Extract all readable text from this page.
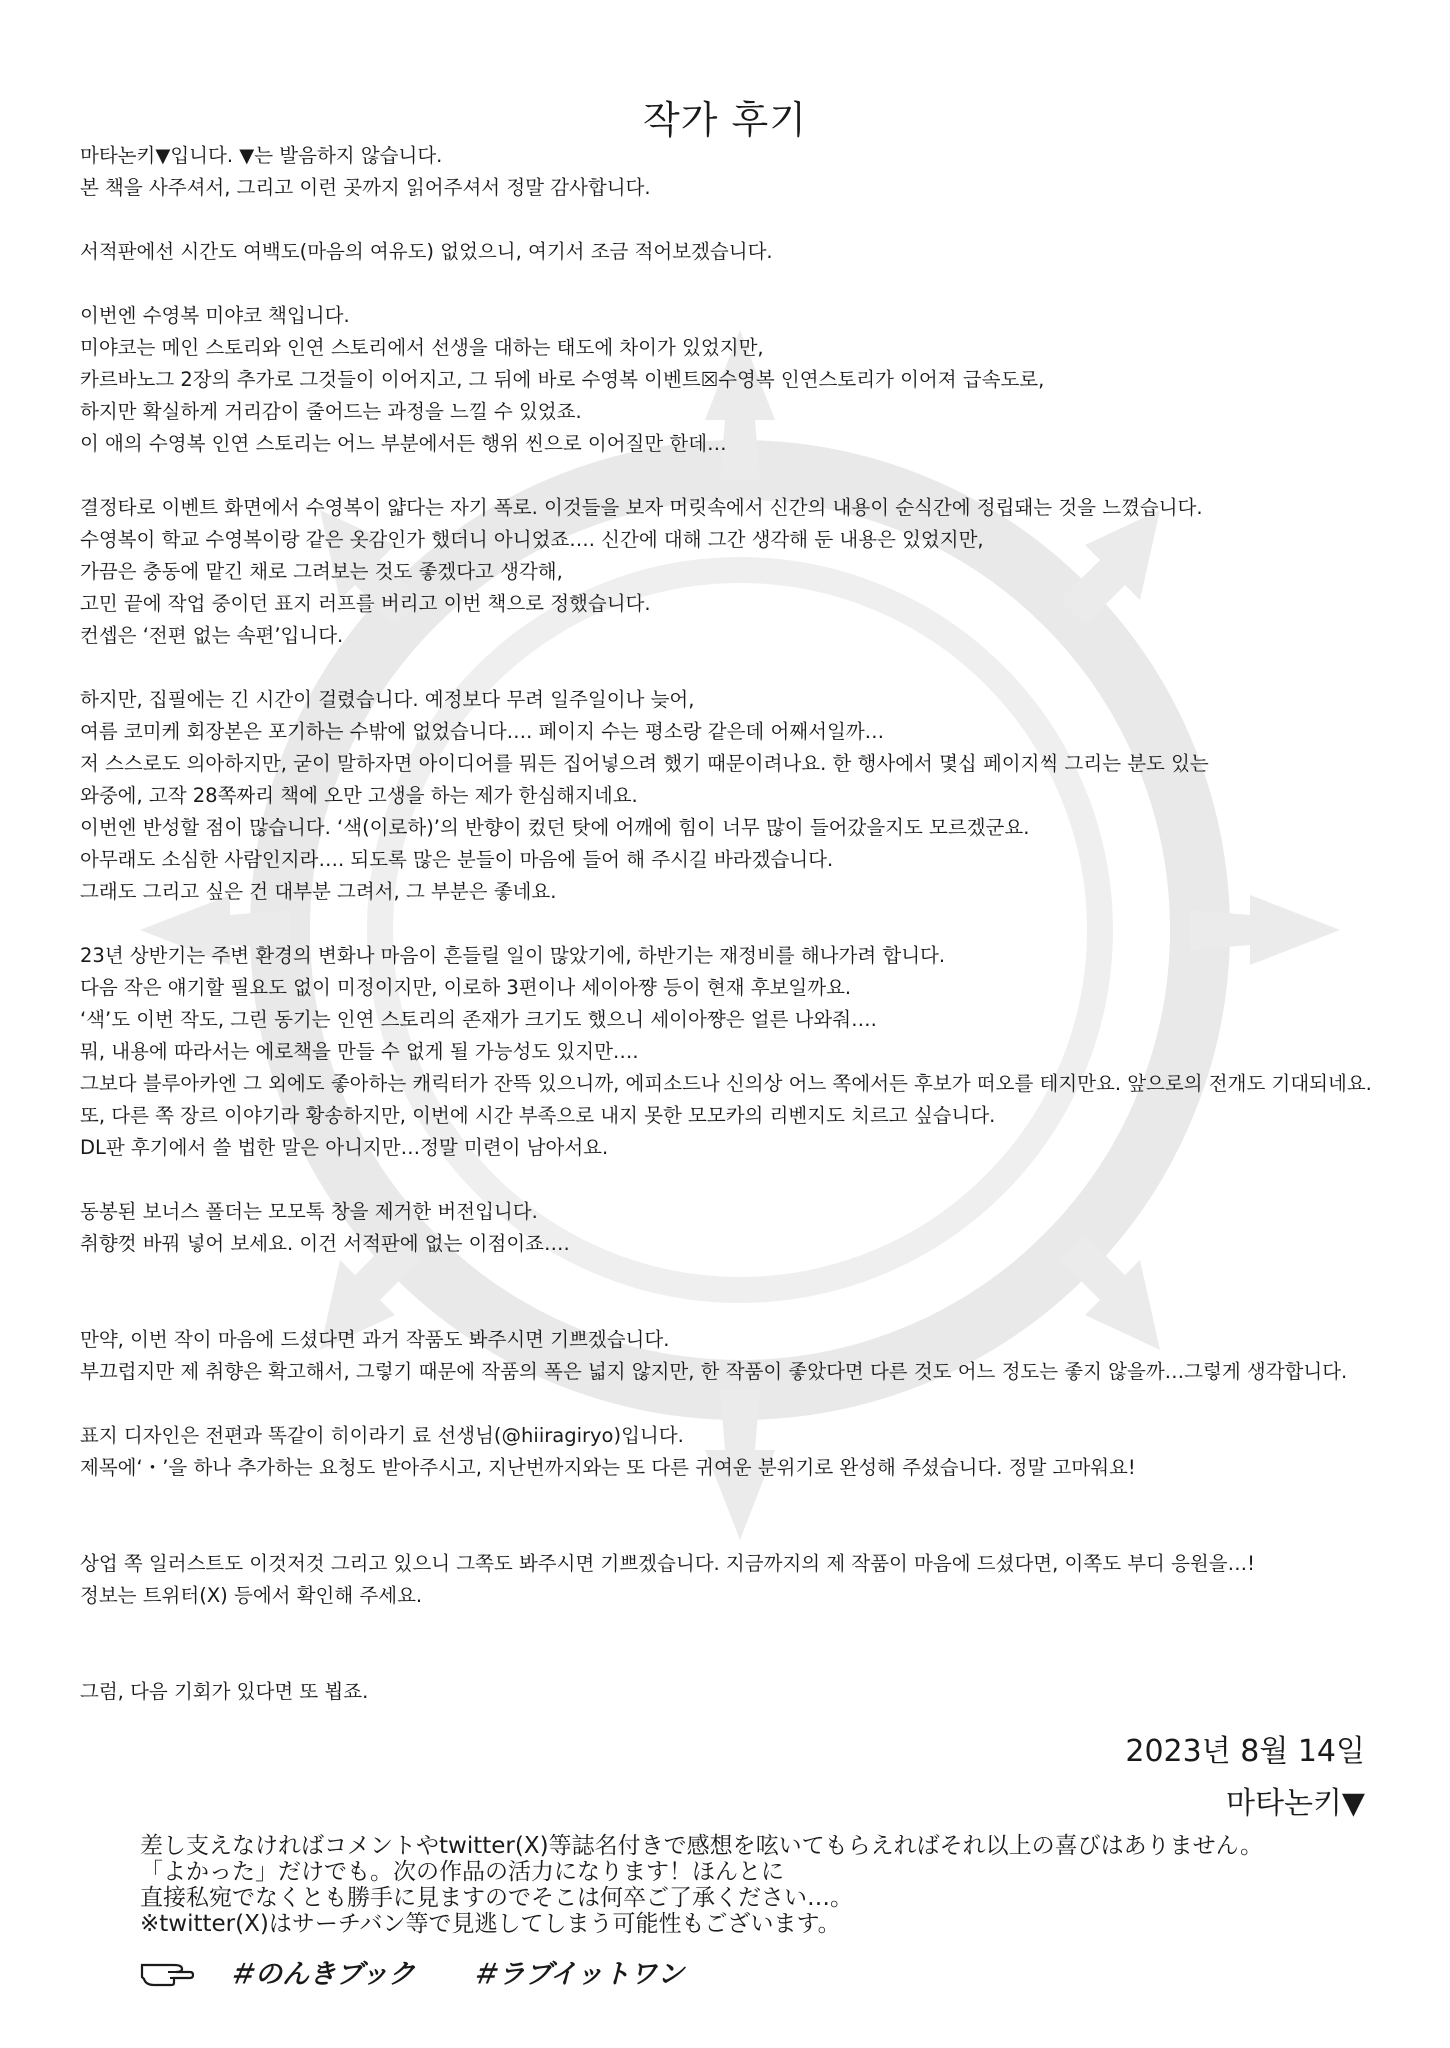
작가 후기
마타논키▼입니다. ▼는 발음하지 않습니다.
본 책을 사주셔서, 그리고 이런 곳까지 읽어주셔서 정말 감사합니다.
서적판에선 시간도 여백도(마음의 여유도) 없었으니, 여기서 조금 적어보겠습니다.
이번엔 수영복 미야코 책입니다.
미야코는 메인 스토리와 인연 스토리에서 선생을 대하는 태도에 차이가 있었지만,
카르바노그 2장의 추가로 그것들이 이어지고, 그 뒤에 바로 수영복 이벤트☒수영복 인연스토리가 이어져 급속도로,
하지만 확실하게 거리감이 줄어드는 과정을 느낄 수 있었죠.
이 애의 수영복 인연 스토리는 어느 부분에서든 행위 씬으로 이어질만 한데…
결정타로 이벤트 화면에서 수영복이 얇다는 자기 폭로. 이것들을 보자 머릿속에서 신간의 내용이 순식간에 정립돼는 것을 느꼈습니다.
수영복이 학교 수영복이랑 같은 옷감인가 했더니 아니었죠…. 신간에 대해 그간 생각해 둔 내용은 있었지만,
가끔은 충동에 맡긴 채로 그려보는 것도 좋겠다고 생각해,
고민 끝에 작업 중이던 표지 러프를 버리고 이번 책으로 정했습니다.
컨셉은 ‘전편 없는 속편’입니다.
하지만, 집필에는 긴 시간이 걸렸습니다. 예정보다 무려 일주일이나 늦어,
여름 코미케 회장본은 포기하는 수밖에 없었습니다…. 페이지 수는 평소랑 같은데 어째서일까…
저 스스로도 의아하지만, 굳이 말하자면 아이디어를 뭐든 집어넣으려 했기 때문이려나요. 한 행사에서 몇십 페이지씩 그리는 분도 있는
와중에, 고작 28쪽짜리 책에 오만 고생을 하는 제가 한심해지네요.
이번엔 반성할 점이 많습니다. ‘색(이로하)’의 반향이 컸던 탓에 어깨에 힘이 너무 많이 들어갔을지도 모르겠군요.
아무래도 소심한 사람인지라…. 되도록 많은 분들이 마음에 들어 해 주시길 바라겠습니다.
그래도 그리고 싶은 건 대부분 그려서, 그 부분은 좋네요.
23년 상반기는 주변 환경의 변화나 마음이 흔들릴 일이 많았기에, 하반기는 재정비를 해나가려 합니다.
다음 작은 얘기할 필요도 없이 미정이지만, 이로하 3편이나 세이아쨩 등이 현재 후보일까요.
‘색’도 이번 작도, 그린 동기는 인연 스토리의 존재가 크기도 했으니 세이아쨩은 얼른 나와줘….
뭐, 내용에 따라서는 에로책을 만들 수 없게 될 가능성도 있지만….
그보다 블루아카엔 그 외에도 좋아하는 캐릭터가 잔뜩 있으니까, 에피소드나 신의상 어느 쪽에서든 후보가 떠오를 테지만요. 앞으로의 전개도 기대되네요.
또, 다른 쪽 장르 이야기라 황송하지만, 이번에 시간 부족으로 내지 못한 모모카의 리벤지도 치르고 싶습니다.
DL판 후기에서 쓸 법한 말은 아니지만…정말 미련이 남아서요.
동봉된 보너스 폴더는 모모톡 창을 제거한 버전입니다.
취향껏 바꿔 넣어 보세요. 이건 서적판에 없는 이점이죠….
만약, 이번 작이 마음에 드셨다면 과거 작품도 봐주시면 기쁘겠습니다.
부끄럽지만 제 취향은 확고해서, 그렇기 때문에 작품의 폭은 넓지 않지만, 한 작품이 좋았다면 다른 것도 어느 정도는 좋지 않을까…그렇게 생각합니다.
표지 디자인은 전편과 똑같이 히이라기 료 선생님(@hiiragiryo)입니다.
제목에‘・’을 하나 추가하는 요청도 받아주시고, 지난번까지와는 또 다른 귀여운 분위기로 완성해 주셨습니다. 정말 고마워요!
상업 쪽 일러스트도 이것저것 그리고 있으니 그쪽도 봐주시면 기쁘겠습니다. 지금까지의 제 작품이 마음에 드셨다면, 이쪽도 부디 응원을…!
정보는 트위터(X) 등에서 확인해 주세요.
그럼, 다음 기회가 있다면 또 뵙죠.
2023년 8월 14일
마타논키▼
差し支えなければコメントやtwitter(X)等誌名付きで感想を呟いてもらえればそれ以上の喜びはありません。
「よかった」だけでも。次の作品の活力になります！ほんとに
直接私宛でなくとも勝手に見ますのでそこは何卒ご了承ください…。
※twitter(X)はサーチバン等で見逃してしまう可能性もございます。
＃のんきブック ＃ラブイットワン
